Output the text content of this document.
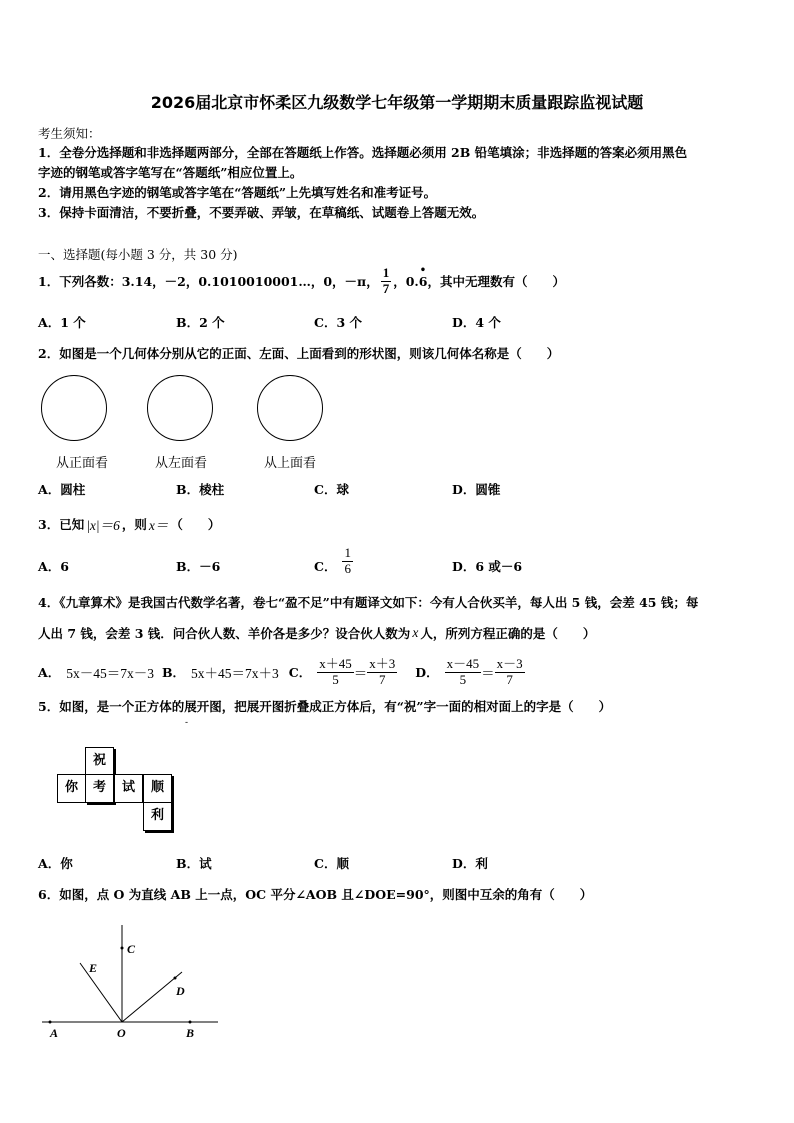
2026届北京市怀柔区九级数学七年级第一学期期末质量跟踪监视试题
考生须知：
1．全卷分选择题和非选择题两部分，全部在答题纸上作答。选择题必须用 2B 铅笔填涂；非选择题的答案必须用黑色
字迹的钢笔或答字笔写在“答题纸”相应位置上。
2．请用黑色字迹的钢笔或答字笔在“答题纸”上先填写姓名和准考证号。
3．保持卡面清洁，不要折叠，不要弄破、弄皱，在草稿纸、试题卷上答题无效。
一、选择题(每小题 3 分，共 30 分)
1．下列各数：3.14，－2，0.1010010001…，0，－π， $\frac{1}{7}$ ，0.
• 6 ，其中无理数有（　　）
A．1 个	B．2 个	C．3 个	D．4 个
2．如图是一个几何体分别从它的正面、左面、上面看到的形状图，则该几何体名称是（　　）
从正面看	从左面看	从上面看
A．圆柱	B．棱柱	C．球	D．圆锥
3．已知 |x|＝6 ，则 x＝ （　　）
A．6	B．－6	C． $\frac{1}{6}$	D．6 或－6
4．《九章算术》是我国古代数学名著，卷七“盈不足”中有题译文如下：今有人合伙买羊，每人出 5 钱，会差 45 钱；每
人出 7 钱，会差 3 钱．问合伙人数、羊价各是多少？设合伙人数为 x 人，所列方程正确的是（　　）
A． 5x－45＝7x－3 B． 5x＋45＝7x＋3 C． $\frac{x+45}{5} = \frac{x+3}{7}$ D． $\frac{x-45}{5} = \frac{x-3}{7}$
5．如图，是一个正方体的展开图，把展开图折叠成正方体后，有“祝”字一面的相对面上的字是（　　）
-
祝
你	考	试	顺
利
A．你	B．试	C．顺	D．利
6．如图，点 O 为直线 AB 上一点，OC 平分∠AOB 且∠DOE=90°，则图中互余的角有（　　）
A	O	B
C
D
E
